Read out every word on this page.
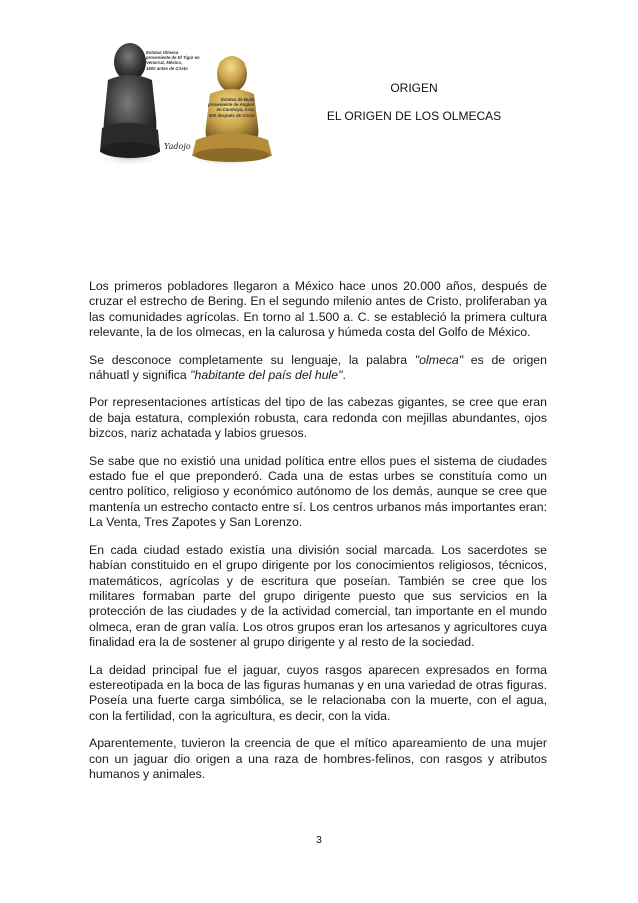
Estatua Olmeca
proveniente de El Tigar en
Veracruz, México,
1500 antes de Cristo
Estatua de Buda
proveniente de Angkor
en Camboya, Asia,
800 después de Cristo
Yadojo
ORIGEN
EL ORIGEN DE LOS OLMECAS

Los primeros pobladores llegaron a México hace unos 20.000 años, después de cruzar el estrecho de Bering. En el segundo milenio antes de Cristo, proliferaban ya las comunidades agrícolas. En torno al 1.500 a. C. se estableció la primera cultura relevante, la de los olmecas, en la calurosa y húmeda costa del Golfo de México.

Se desconoce completamente su lenguaje, la palabra "olmeca" es de origen náhuatl y significa "habitante del país del hule".

Por representaciones artísticas del tipo de las cabezas gigantes, se cree que eran de baja estatura, complexión robusta, cara redonda con mejillas abundantes, ojos bizcos, nariz achatada y labios gruesos.

Se sabe que no existió una unidad política entre ellos pues el sistema de ciudades estado fue el que preponderó. Cada una de estas urbes se constituía como un centro político, religioso y económico autónomo de los demás, aunque se cree que mantenía un estrecho contacto entre sí. Los centros urbanos más importantes eran: La Venta, Tres Zapotes y San Lorenzo.

En cada ciudad estado existía una división social marcada. Los sacerdotes se habían constituido en el grupo dirigente por los conocimientos religiosos, técnicos, matemáticos, agrícolas y de escritura que poseían. También se cree que los militares formaban parte del grupo dirigente puesto que sus servicios en la protección de las ciudades y de la actividad comercial, tan importante en el mundo olmeca, eran de gran valía. Los otros grupos eran los artesanos y agricultores cuya finalidad era la de sostener al grupo dirigente y al resto de la sociedad.

La deidad principal fue el jaguar, cuyos rasgos aparecen expresados en forma estereotipada en la boca de las figuras humanas y en una variedad de otras figuras. Poseía una fuerte carga simbólica, se le relacionaba con la muerte, con el agua, con la fertilidad, con la agricultura, es decir, con la vida.

Aparentemente, tuvieron la creencia de que el mítico apareamiento de una mujer con un jaguar dio origen a una raza de hombres-felinos, con rasgos y atributos humanos y animales.

3
